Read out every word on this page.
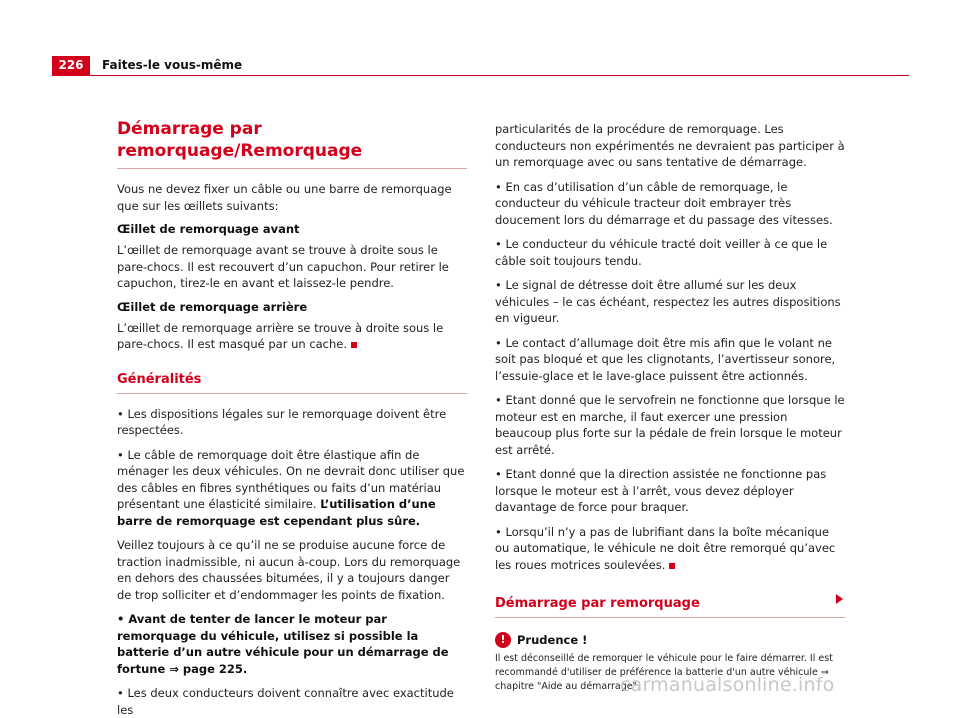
226	Faites-le vous-même
Démarrage par remorquage/Remorquage

Vous ne devez fixer un câble ou une barre de remorquage que sur les œillets suivants:

Œillet de remorquage avant

L’œillet de remorquage avant se trouve à droite sous le pare-chocs. Il est recouvert d’un capuchon. Pour retirer le capuchon, tirez-le en avant et laissez-le pendre.

Œillet de remorquage arrière

L’œillet de remorquage arrière se trouve à droite sous le pare-chocs. Il est masqué par un cache.

Généralités

• Les dispositions légales sur le remorquage doivent être respectées.

• Le câble de remorquage doit être élastique afin de ménager les deux véhicules. On ne devrait donc utiliser que des câbles en fibres synthétiques ou faits d’un matériau présentant une élasticité similaire. L’utilisation d’une barre de remorquage est cependant plus sûre.

Veillez toujours à ce qu’il ne se produise aucune force de traction inadmissible, ni aucun à-coup. Lors du remorquage en dehors des chaussées bitumées, il y a toujours danger de trop solliciter et d’endommager les points de fixation.

• Avant de tenter de lancer le moteur par remorquage du véhicule, utilisez si possible la batterie d’un autre véhicule pour un démarrage de fortune ⇒ page 225.

• Les deux conducteurs doivent connaître avec exactitude les

particularités de la procédure de remorquage. Les conducteurs non expérimentés ne devraient pas participer à un remorquage avec ou sans tentative de démarrage.

• En cas d’utilisation d’un câble de remorquage, le conducteur du véhicule tracteur doit embrayer très doucement lors du démarrage et du passage des vitesses.

• Le conducteur du véhicule tracté doit veiller à ce que le câble soit toujours tendu.

• Le signal de détresse doit être allumé sur les deux véhicules – le cas échéant, respectez les autres dispositions en vigueur.

• Le contact d’allumage doit être mis afin que le volant ne soit pas bloqué et que les clignotants, l’avertisseur sonore, l’essuie-glace et le lave-glace puissent être actionnés.

• Etant donné que le servofrein ne fonctionne que lorsque le moteur est en marche, il faut exercer une pression beaucoup plus forte sur la pédale de frein lorsque le moteur est arrêté.

• Etant donné que la direction assistée ne fonctionne pas lorsque le moteur est à l’arrêt, vous devez déployer davantage de force pour braquer.

• Lorsqu’il n’y a pas de lubrifiant dans la boîte mécanique ou automatique, le véhicule ne doit être remorqué qu’avec les roues motrices soulevées.

Démarrage par remorquage
! Prudence !

Il est déconseillé de remorquer le véhicule pour le faire démarrer. Il est recommandé d'utiliser de préférence la batterie d'un autre véhicule ⇒ chapitre "Aide au démarrage".

carmanualsonline.info
